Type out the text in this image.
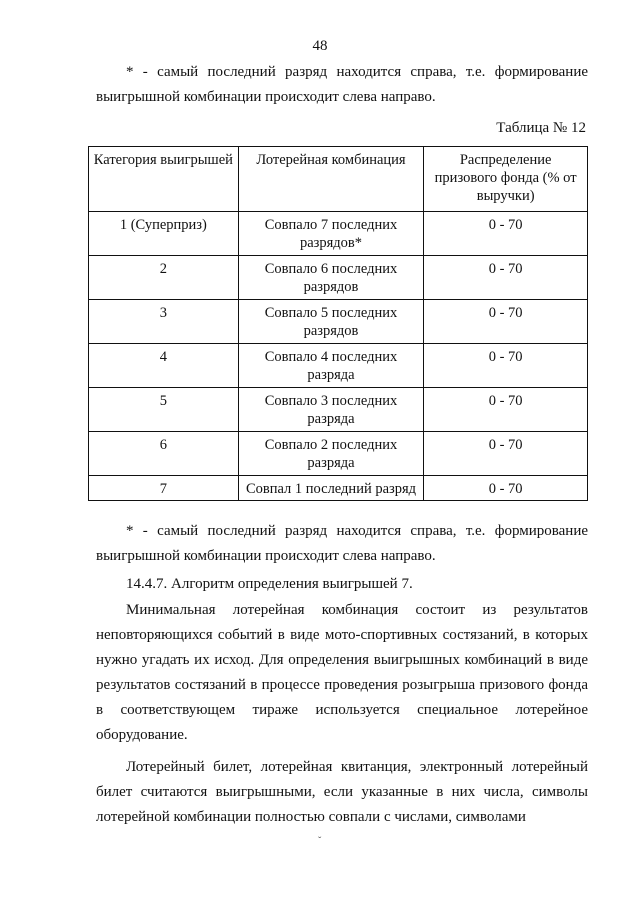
48

* - самый последний разряд находится справа, т.е. формирование выигрышной комбинации происходит слева направо.

Таблица № 12
Категория выигрышей	Лотерейная комбинация	Распределение призового фонда (% от выручки)
1 (Суперприз)	Совпало 7 последних разрядов*	0 - 70
2	Совпало 6 последних разрядов	0 - 70
3	Совпало 5 последних разрядов	0 - 70
4	Совпало 4 последних разряда	0 - 70
5	Совпало 3 последних разряда	0 - 70
6	Совпало 2 последних разряда	0 - 70
7	Совпал 1 последний разряд	0 - 70

* - самый последний разряд находится справа, т.е. формирование выигрышной комбинации происходит слева направо.

14.4.7. Алгоритм определения выигрышей 7.

Минимальная лотерейная комбинация состоит из результатов неповторяющихся событий в виде мото-спортивных состязаний, в которых нужно угадать их исход. Для определения выигрышных комбинаций в виде результатов состязаний в процессе проведения розыгрыша призового фонда в соответствующем тираже используется специальное лотерейное оборудование.

Лотерейный билет, лотерейная квитанция, электронный лотерейный билет считаются выигрышными, если указанные в них числа, символы лотерейной комбинации полностью совпали с числами, символами

ˇ
